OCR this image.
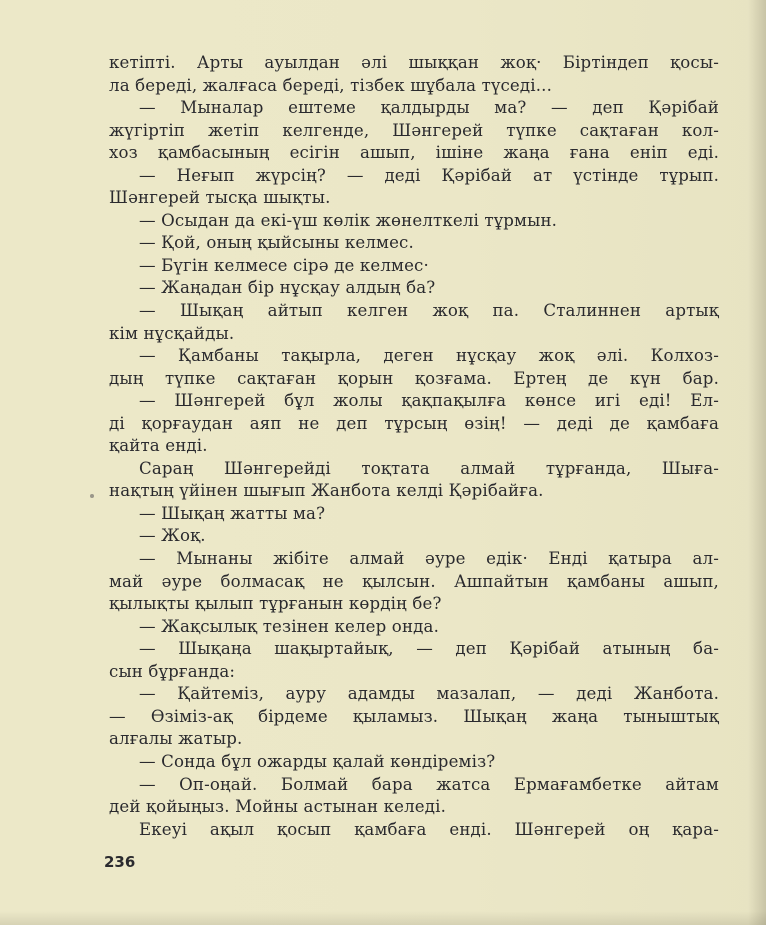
кетіпті. Арты ауылдан әлі шыққан жоқ· Біртіндеп қосы-
ла береді, жалғаса береді, тізбек шұбала түседі...
— Мыналар ештеме қалдырды ма? — деп Қәрібай
жүгіртіп жетіп келгенде, Шәнгерей түпке сақтаған кол-
хоз қамбасының есігін ашып, ішіне жаңа ғана еніп еді.
— Неғып жүрсің? — деді Қәрібай ат үстінде тұрып.
Шәнгерей тысқа шықты.
— Осыдан да екі-үш көлік жөнелткелі тұрмын.
— Қой, оның қыйсыны келмес.
— Бүгін келмесе сірә де келмес·
— Жаңадан бір нұсқау алдың ба?
— Шықаң айтып келген жоқ па. Сталиннен артық
кім нұсқайды.
— Қамбаны тақырла, деген нұсқау жоқ әлі. Колхоз-
дың түпке сақтаған қорын қозғама. Ертең де күн бар.
— Шәнгерей бұл жолы қақпақылға көнсе игі еді! Ел-
ді қорғаудан аяп не деп тұрсың өзің! — деді де қамбаға
қайта енді.
Сараң Шәнгерейді тоқтата алмай тұрғанда, Шыға-
нақтың үйінен шығып Жанбота келді Қәрібайға.
— Шықаң жатты ма?
— Жоқ.
— Мынаны жібіте алмай әуре едік· Енді қатыра ал-
май әуре болмасақ не қылсын. Ашпайтын қамбаны ашып,
қылықты қылып тұрғанын көрдің бе?
— Жақсылық тезінен келер онда.
— Шықаңа шақыртайық, — деп Қәрібай атының ба-
сын бұрғанда:
— Қайтеміз, ауру адамды мазалап, — деді Жанбота.
— Өзіміз-ақ бірдеме қыламыз. Шықаң жаңа тыныштық
алғалы жатыр.
— Сонда бұл ожарды қалай көндіреміз?
— Оп-оңай. Болмай бара жатса Ермағамбетке айтам
дей қойыңыз. Мойны астынан келеді.
Екеуі ақыл қосып қамбаға енді. Шәнгерей оң қара-
236
